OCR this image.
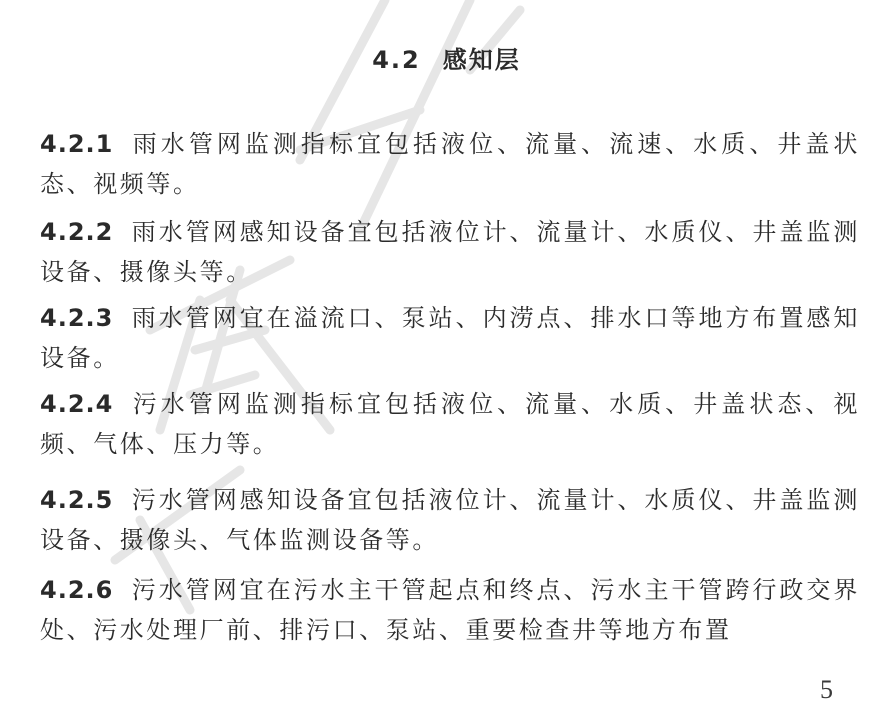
4.2 感知层
4.2.1 雨水管网监测指标宜包括液位、流量、流速、水质、井盖状态、视频等。
4.2.2 雨水管网感知设备宜包括液位计、流量计、水质仪、井盖监测设备、摄像头等。
4.2.3 雨水管网宜在溢流口、泵站、内涝点、排水口等地方布置感知设备。
4.2.4 污水管网监测指标宜包括液位、流量、水质、井盖状态、视频、气体、压力等。
4.2.5 污水管网感知设备宜包括液位计、流量计、水质仪、井盖监测设备、摄像头、气体监测设备等。
4.2.6 污水管网宜在污水主干管起点和终点、污水主干管跨行政交界处、污水处理厂前、排污口、泵站、重要检查井等地方布置
5
